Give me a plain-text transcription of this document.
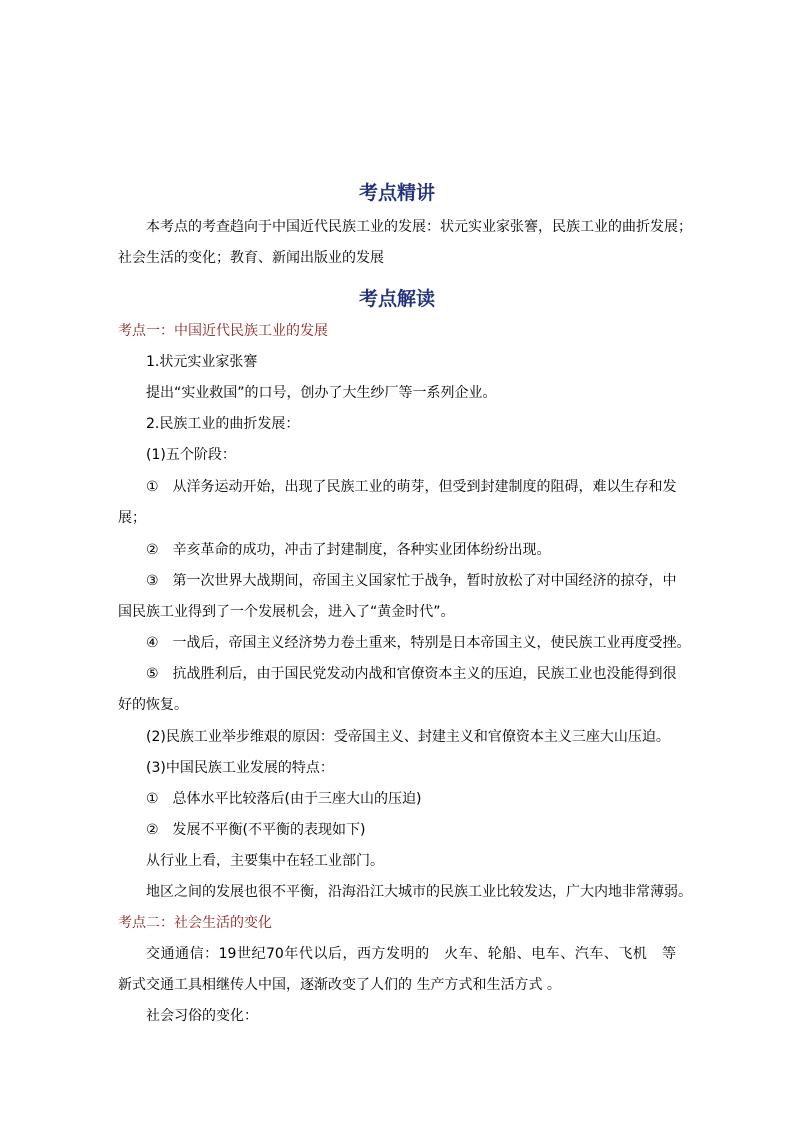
考点精讲
本考点的考查趋向于中国近代民族工业的发展：状元实业家张謇，民族工业的曲折发展；
社会生活的变化；教育、新闻出版业的发展
考点解读
考点一：中国近代民族工业的发展
1.状元实业家张謇
提出“实业救国”的口号，创办了大生纱厂等一系列企业。
2.民族工业的曲折发展：
(1)五个阶段：
①　从洋务运动开始，出现了民族工业的萌芽，但受到封建制度的阻碍，难以生存和发
展；
②　辛亥革命的成功，冲击了封建制度，各种实业团体纷纷出现。
③　第一次世界大战期间，帝国主义国家忙于战争，暂时放松了对中国经济的掠夺，中
国民族工业得到了一个发展机会，进入了“黄金时代”。
④　一战后，帝国主义经济势力卷土重来，特别是日本帝国主义，使民族工业再度受挫。
⑤　抗战胜利后，由于国民党发动内战和官僚资本主义的压迫，民族工业也没能得到很
好的恢复。
(2)民族工业举步维艰的原因：受帝国主义、封建主义和官僚资本主义三座大山压迫。
(3)中国民族工业发展的特点：
①　总体水平比较落后(由于三座大山的压迫)
②　发展不平衡(不平衡的表现如下)
从行业上看，主要集中在轻工业部门。
地区之间的发展也很不平衡，沿海沿江大城市的民族工业比较发达，广大内地非常薄弱。
考点二：社会生活的变化
交通通信：19世纪70年代以后，西方发明的　火车、轮船、电车、汽车、飞机　等
新式交通工具相继传人中国，逐渐改变了人们的 生产方式和生活方式 。
社会习俗的变化：
